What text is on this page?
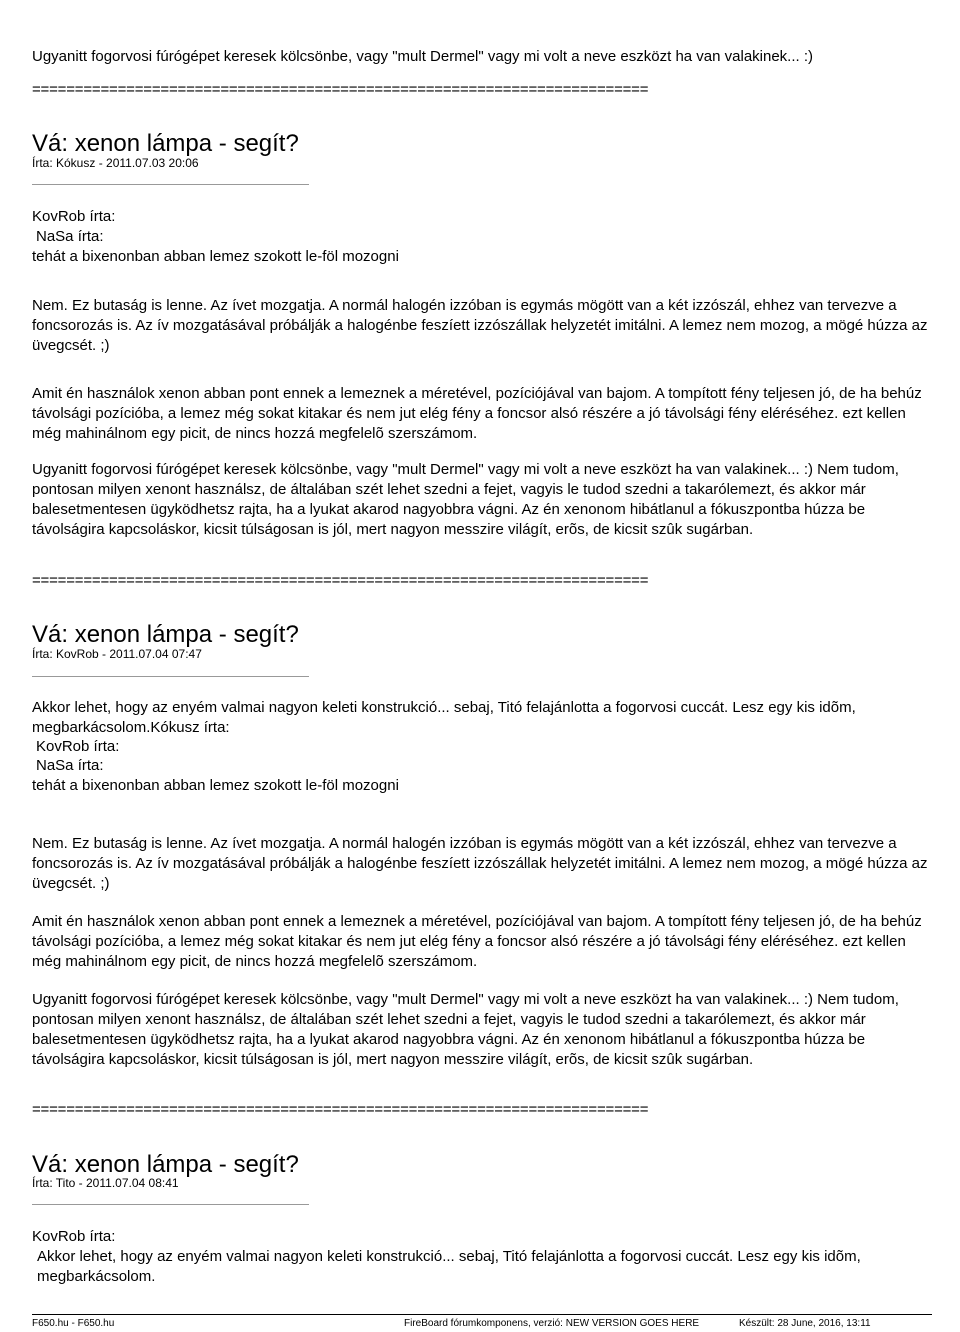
Ugyanitt fogorvosi fúrógépet keresek kölcsönbe, vagy "mult Dermel" vagy mi volt a neve eszközt ha van valakinek... :)

========================================================================
Vá: xenon lámpa - segít?
Írta: Kókusz - 2011.07.03 20:06

KovRob írta:

NaSa írta:

tehát a bixenonban abban lemez szokott le-föl mozogni

Nem. Ez butaság is lenne. Az ívet mozgatja. A normál halogén izzóban is egymás mögött van a két izzószál, ehhez van tervezve a foncsorozás is. Az ív mozgatásával próbálják a halogénbe feszíett izzószállak helyzetét imitálni. A lemez nem mozog, a mögé húzza az üvegcsét. ;)

Amit én használok xenon abban pont ennek a lemeznek a méretével, pozíciójával van bajom. A tompított fény teljesen jó, de ha behúz távolsági pozícióba, a lemez még sokat kitakar és nem jut elég fény a foncsor alsó részére a jó távolsági fény eléréséhez. ezt kellen még mahinálnom egy picit, de nincs hozzá megfelelõ szerszámom.

Ugyanitt fogorvosi fúrógépet keresek kölcsönbe, vagy "mult Dermel" vagy mi volt a neve eszközt ha van valakinek... :) Nem tudom, pontosan milyen xenont használsz, de általában szét lehet szedni a fejet, vagyis le tudod szedni a takarólemezt, és akkor már balesetmentesen ügyködhetsz rajta, ha a lyukat akarod nagyobbra vágni. Az én xenonom hibátlanul a fókuszpontba húzza be távolságira kapcsoláskor, kicsit túlságosan is jól, mert nagyon messzire világít, erõs, de kicsit szûk sugárban.

========================================================================
Vá: xenon lámpa - segít?
Írta: KovRob - 2011.07.04 07:47

Akkor lehet, hogy az enyém valmai nagyon keleti konstrukció... sebaj, Titó felajánlotta a fogorvosi cuccát. Lesz egy kis idõm, megbarkácsolom.Kókusz írta:

KovRob írta:

NaSa írta:

tehát a bixenonban abban lemez szokott le-föl mozogni

Nem. Ez butaság is lenne. Az ívet mozgatja. A normál halogén izzóban is egymás mögött van a két izzószál, ehhez van tervezve a foncsorozás is. Az ív mozgatásával próbálják a halogénbe feszíett izzószállak helyzetét imitálni. A lemez nem mozog, a mögé húzza az üvegcsét. ;)

Amit én használok xenon abban pont ennek a lemeznek a méretével, pozíciójával van bajom. A tompított fény teljesen jó, de ha behúz távolsági pozícióba, a lemez még sokat kitakar és nem jut elég fény a foncsor alsó részére a jó távolsági fény eléréséhez. ezt kellen még mahinálnom egy picit, de nincs hozzá megfelelõ szerszámom.

Ugyanitt fogorvosi fúrógépet keresek kölcsönbe, vagy "mult Dermel" vagy mi volt a neve eszközt ha van valakinek... :) Nem tudom, pontosan milyen xenont használsz, de általában szét lehet szedni a fejet, vagyis le tudod szedni a takarólemezt, és akkor már balesetmentesen ügyködhetsz rajta, ha a lyukat akarod nagyobbra vágni. Az én xenonom hibátlanul a fókuszpontba húzza be távolságira kapcsoláskor, kicsit túlságosan is jól, mert nagyon messzire világít, erõs, de kicsit szûk sugárban.

========================================================================
Vá: xenon lámpa - segít?
Írta: Tito - 2011.07.04 08:41

KovRob írta:

Akkor lehet, hogy az enyém valmai nagyon keleti konstrukció... sebaj, Titó felajánlotta a fogorvosi cuccát. Lesz egy kis idõm, megbarkácsolom.

F650.hu - F650.hu	FireBoard fórumkomponens, verzió: NEW VERSION GOES HERE	Készült: 28 June, 2016, 13:11
